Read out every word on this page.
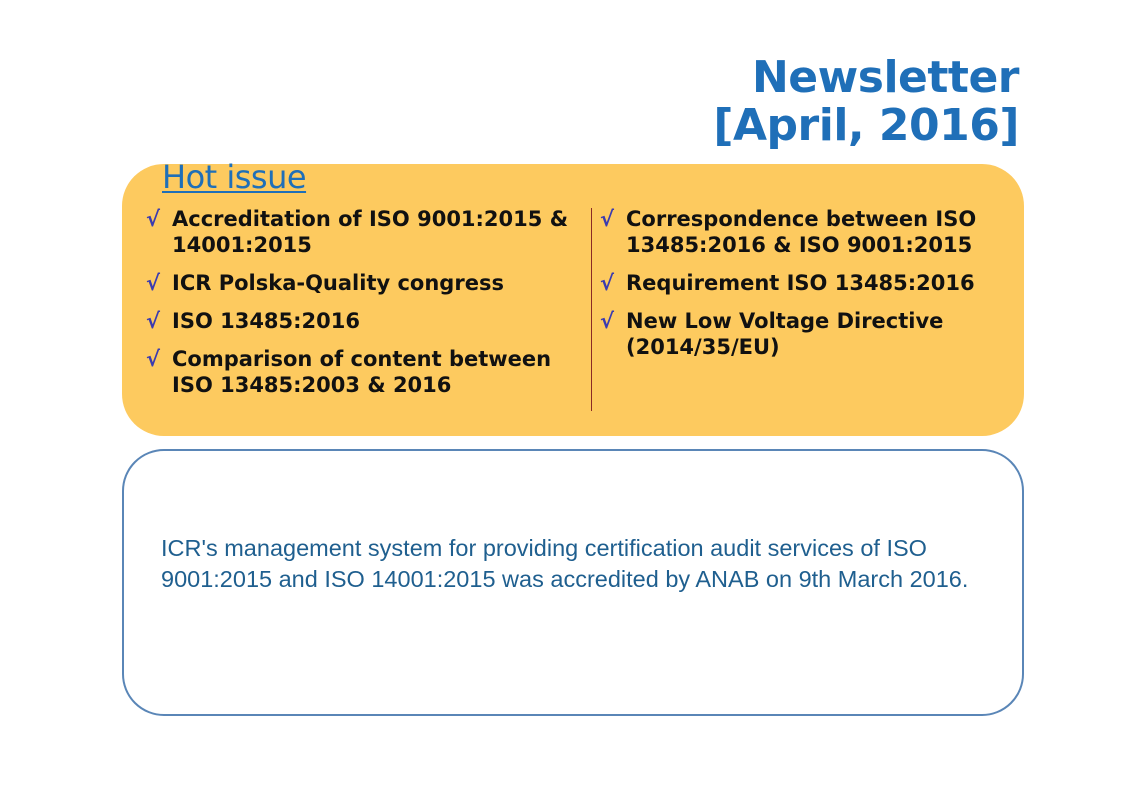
Newsletter
[April, 2016]
Hot issue
√ Accreditation of ISO 9001:2015 & 14001:2015
√ ICR Polska-Quality congress
√ ISO 13485:2016
√ Comparison of content between ISO 13485:2003 & 2016
√ Correspondence between ISO 13485:2016 & ISO 9001:2015
√ Requirement ISO 13485:2016
√ New Low Voltage Directive (2014/35/EU)
ICR's management system for providing certification audit services of ISO 9001:2015 and ISO 14001:2015 was accredited by ANAB on 9th March 2016.
